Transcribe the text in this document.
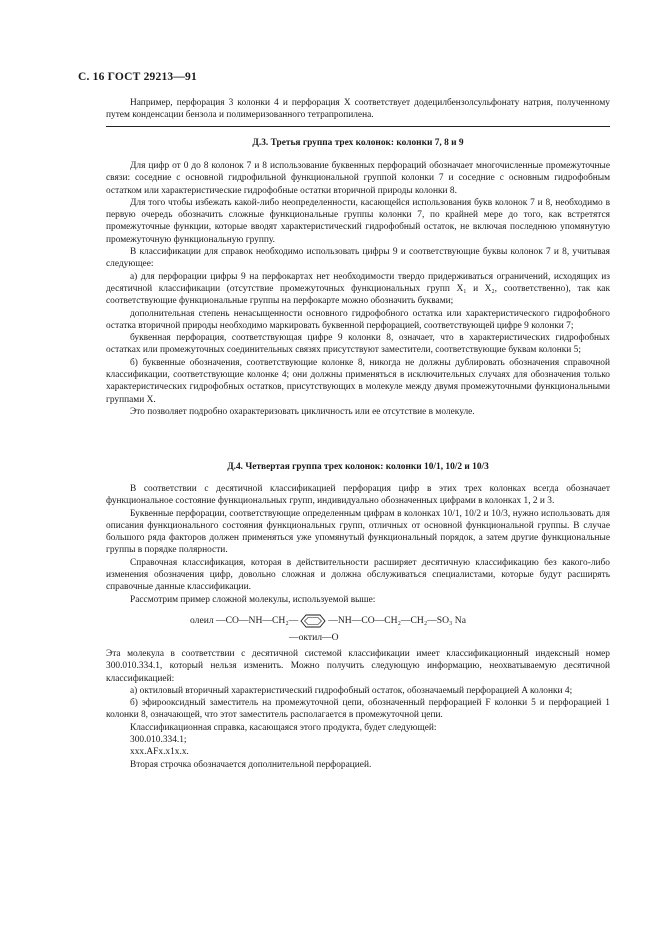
С. 16 ГОСТ 29213—91

Например, перфорация 3 колонки 4 и перфорация X соответствует додецилбензолсульфонату натрия, полученному путем конденсации бензола и полимеризованного тетрапропилена.

Д.3. Третья группа трех колонок: колонки 7, 8 и 9

Для цифр от 0 до 8 колонок 7 и 8 использование буквенных перфораций обозначает многочисленные промежуточные связи: соседние с основной гидрофильной функциональной группой колонки 7 и соседние с основным гидрофобным остатком или характеристические гидрофобные остатки вторичной природы колонки 8.

Для того чтобы избежать какой-либо неопределенности, касающейся использования букв колонок 7 и 8, необходимо в первую очередь обозначить сложные функциональные группы колонки 7, по крайней мере до того, как встретятся промежуточные функции, которые вводят характеристический гидрофобный остаток, не включая последнюю упомянутую промежуточную функциональную группу.

В классификации для справок необходимо использовать цифры 9 и соответствующие буквы колонок 7 и 8, учитывая следующее:

а) для перфорации цифры 9 на перфокартах нет необходимости твердо придерживаться ограничений, исходящих из десятичной классификации (отсутствие промежуточных функциональных групп X₁ и X₂, соответственно), так как соответствующие функциональные группы на перфокарте можно обозначить буквами;

дополнительная степень ненасыщенности основного гидрофобного остатка или характеристического гидрофобного остатка вторичной природы необходимо маркировать буквенной перфорацией, соответствующей цифре 9 колонки 7;

буквенная перфорация, соответствующая цифре 9 колонки 8, означает, что в характеристических гидрофобных остатках или промежуточных соединительных связях присутствуют заместители, соответствующие буквам колонки 5;

б) буквенные обозначения, соответствующие колонке 8, никогда не должны дублировать обозначения справочной классификации, соответствующие колонке 4; они должны применяться в исключительных случаях для обозначения только характеристических гидрофобных остатков, присутствующих в молекуле между двумя промежуточными функциональными группами X.

Это позволяет подробно охарактеризовать цикличность или ее отсутствие в молекуле.

Д.4. Четвертая группа трех колонок: колонки 10/1, 10/2 и 10/3

В соответствии с десятичной классификацией перфорация цифр в этих трех колонках всегда обозначает функциональное состояние функциональных групп, индивидуально обозначенных цифрами в колонках 1, 2 и 3.

Буквенные перфорации, соответствующие определенным цифрам в колонках 10/1, 10/2 и 10/3, нужно использовать для описания функционального состояния функциональных групп, отличных от основной функциональной группы. В случае большого ряда факторов должен применяться уже упомянутый функциональный порядок, а затем другие функциональные группы в порядке полярности.

Справочная классификация, которая в действительности расширяет десятичную классификацию без какого-либо изменения обозначения цифр, довольно сложная и должна обслуживаться специалистами, которые будут расширять справочные данные классификации.

Рассмотрим пример сложной молекулы, используемой выше:

олеил —CO—NH—CH₂—	—NH—CO—CH₂—CH₂—SO₃ Na
—октил—O

Эта молекула в соответствии с десятичной системой классификации имеет классификационный индексный номер 300.010.334.1, который нельзя изменить. Можно получить следующую информацию, неохватываемую десятичной классификацией:

а) октиловый вторичный характеристический гидрофобный остаток, обозначаемый перфорацией A колонки 4;

б) эфирооксидный заместитель на промежуточной цепи, обозначенный перфорацией F колонки 5 и перфорацией 1 колонки 8, означающей, что этот заместитель располагается в промежуточной цепи.

Классификационная справка, касающаяся этого продукта, будет следующей:

300.010.334.1;

xxx.AFx.x1x.x.

Вторая строчка обозначается дополнительной перфорацией.
